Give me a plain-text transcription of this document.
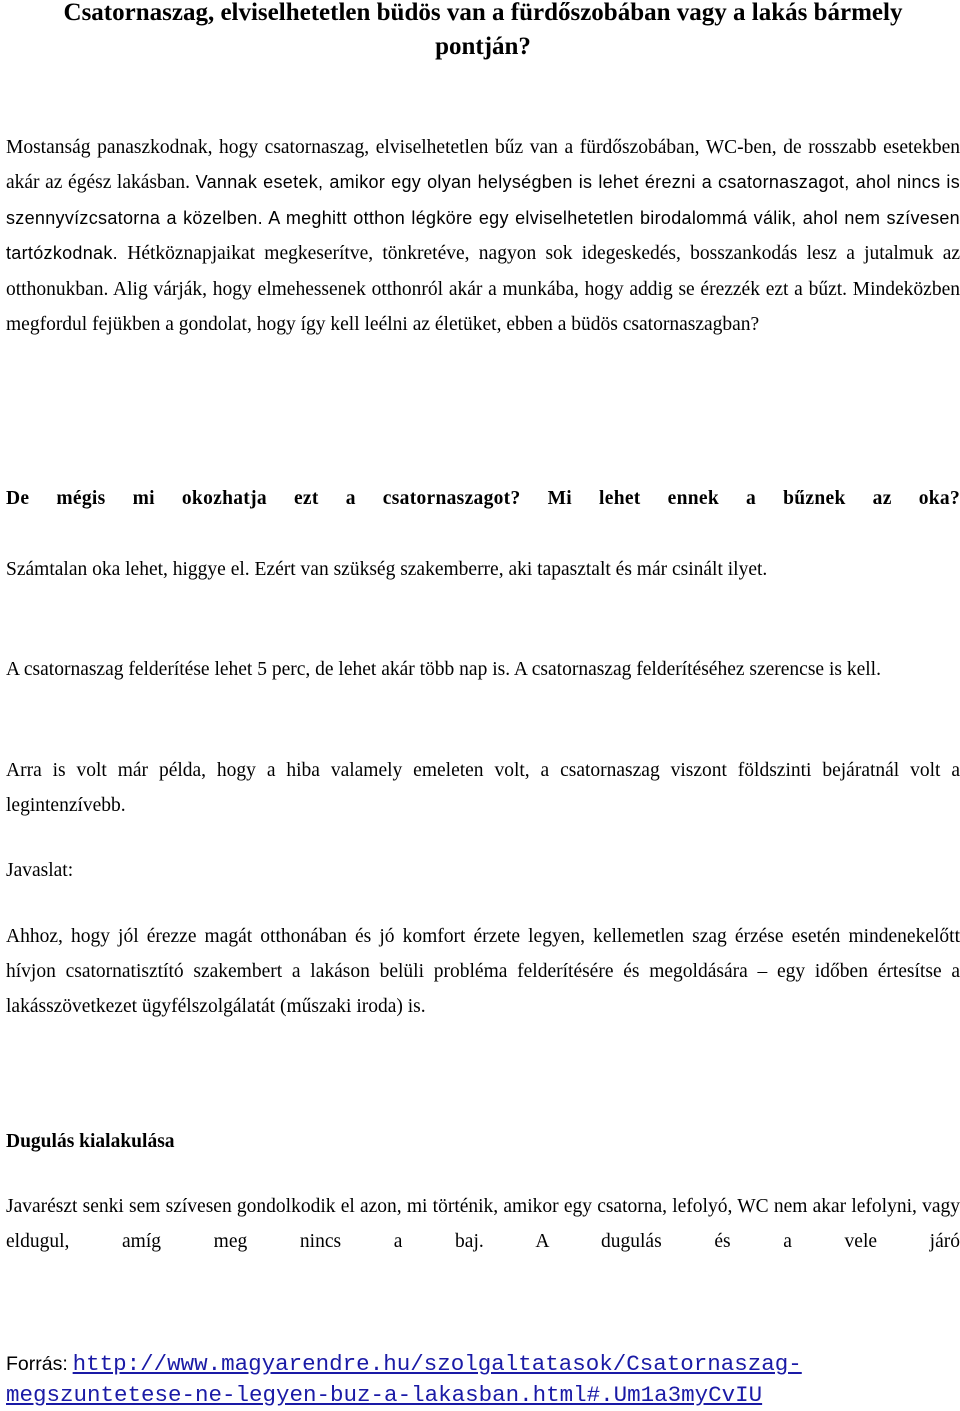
Csatornaszag, elviselhetetlen büdös van a fürdőszobában vagy a lakás bármely pontján?

Mostanság panaszkodnak, hogy csatornaszag, elviselhetetlen bűz van a fürdőszobában, WC-ben, de rosszabb esetekben akár az égész lakásban. Vannak esetek, amikor egy olyan helységben is lehet érezni a csatornaszagot, ahol nincs is szennyvízcsatorna a közelben. A meghitt otthon légköre egy elviselhetetlen birodalommá válik, ahol nem szívesen tartózkodnak. Hétköznapjaikat megkeserítve, tönkretéve, nagyon sok idegeskedés, bosszankodás lesz a jutalmuk az otthonukban. Alig várják, hogy elmehessenek otthonról akár a munkába, hogy addig se érezzék ezt a bűzt. Mindeközben megfordul fejükben a gondolat, hogy így kell leélni az életüket, ebben a büdös csatornaszagban?

De mégis mi okozhatja ezt a csatornaszagot? Mi lehet ennek a bűznek az oka?

Számtalan oka lehet, higgye el. Ezért van szükség szakemberre, aki tapasztalt és már csinált ilyet.

A csatornaszag felderítése lehet 5 perc, de lehet akár több nap is. A csatornaszag felderítéséhez szerencse is kell.

Arra is volt már példa, hogy a hiba valamely emeleten volt, a csatornaszag viszont földszinti bejáratnál volt a legintenzívebb.

Javaslat:

Ahhoz, hogy jól érezze magát otthonában és jó komfort érzete legyen, kellemetlen szag érzése esetén mindenekelőtt hívjon csatornatisztító szakembert a lakáson belüli probléma felderítésére és megoldására – egy időben értesítse a lakásszövetkezet ügyfélszolgálatát (műszaki iroda) is.

Dugulás kialakulása

Javarészt senki sem szívesen gondolkodik el azon, mi történik, amikor egy csatorna, lefolyó, WC nem akar lefolyni, vagy eldugul, amíg meg nincs a baj. A dugulás és a vele járó

Forrás: http://www.magyarendre.hu/szolgaltatasok/Csatornaszag-megszuntetese-ne-legyen-buz-a-lakasban.html#.Um1a3myCvIU
